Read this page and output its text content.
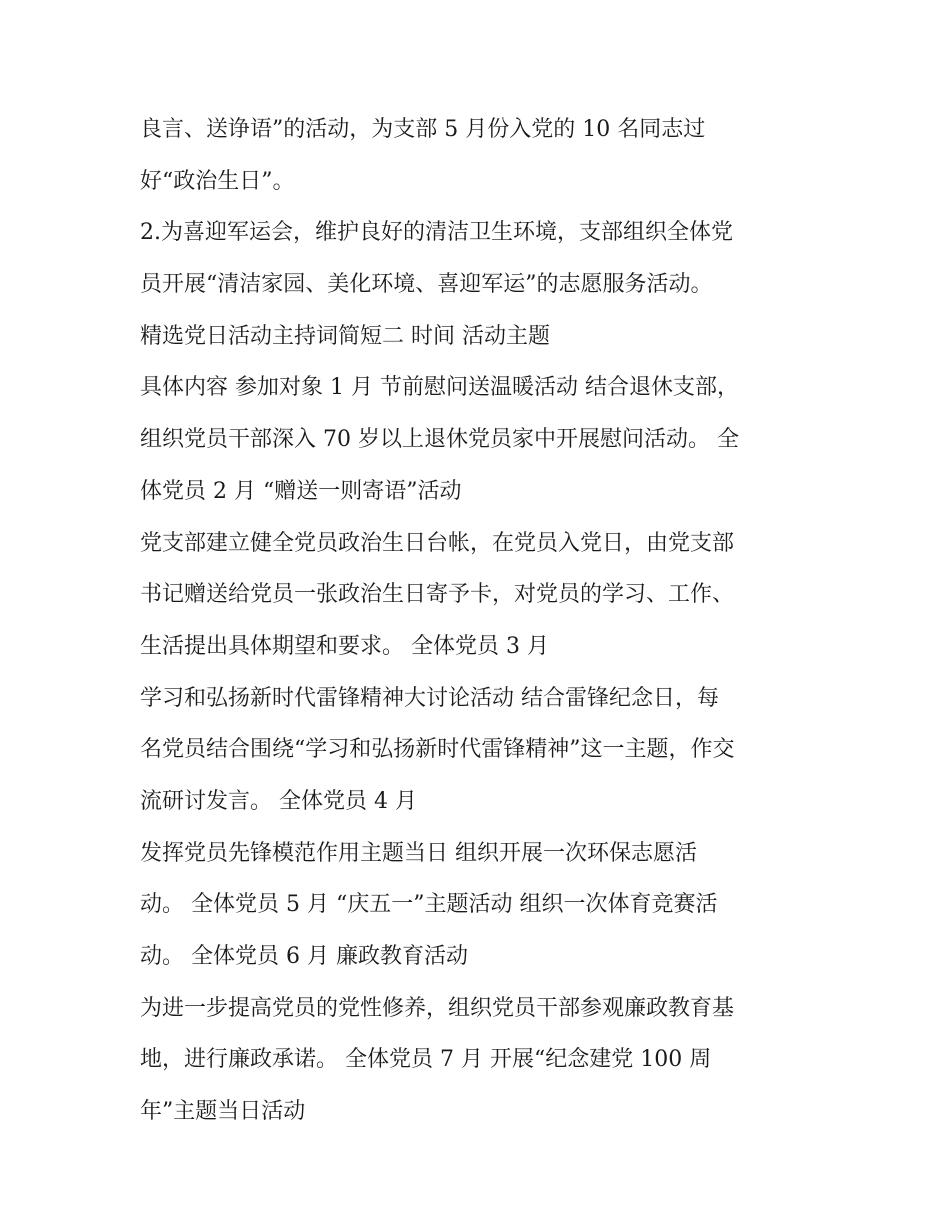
良言、送诤语”的活动，为支部 5 月份入党的 10 名同志过
好“政治生日”。
2.为喜迎军运会，维护良好的清洁卫生环境，支部组织全体党
员开展“清洁家园、美化环境、喜迎军运”的志愿服务活动。
精选党日活动主持词简短二 时间 活动主题
具体内容 参加对象 1 月 节前慰问送温暖活动 结合退休支部，
组织党员干部深入 70 岁以上退休党员家中开展慰问活动。 全
体党员 2 月 “赠送一则寄语”活动
党支部建立健全党员政治生日台帐，在党员入党日，由党支部
书记赠送给党员一张政治生日寄予卡，对党员的学习、工作、
生活提出具体期望和要求。 全体党员 3 月
学习和弘扬新时代雷锋精神大讨论活动 结合雷锋纪念日，每
名党员结合围绕“学习和弘扬新时代雷锋精神”这一主题，作交
流研讨发言。 全体党员 4 月
发挥党员先锋模范作用主题当日 组织开展一次环保志愿活
动。 全体党员 5 月 “庆五一”主题活动 组织一次体育竞赛活
动。 全体党员 6 月 廉政教育活动
为进一步提高党员的党性修养，组织党员干部参观廉政教育基
地，进行廉政承诺。 全体党员 7 月 开展“纪念建党 100 周
年”主题当日活动
